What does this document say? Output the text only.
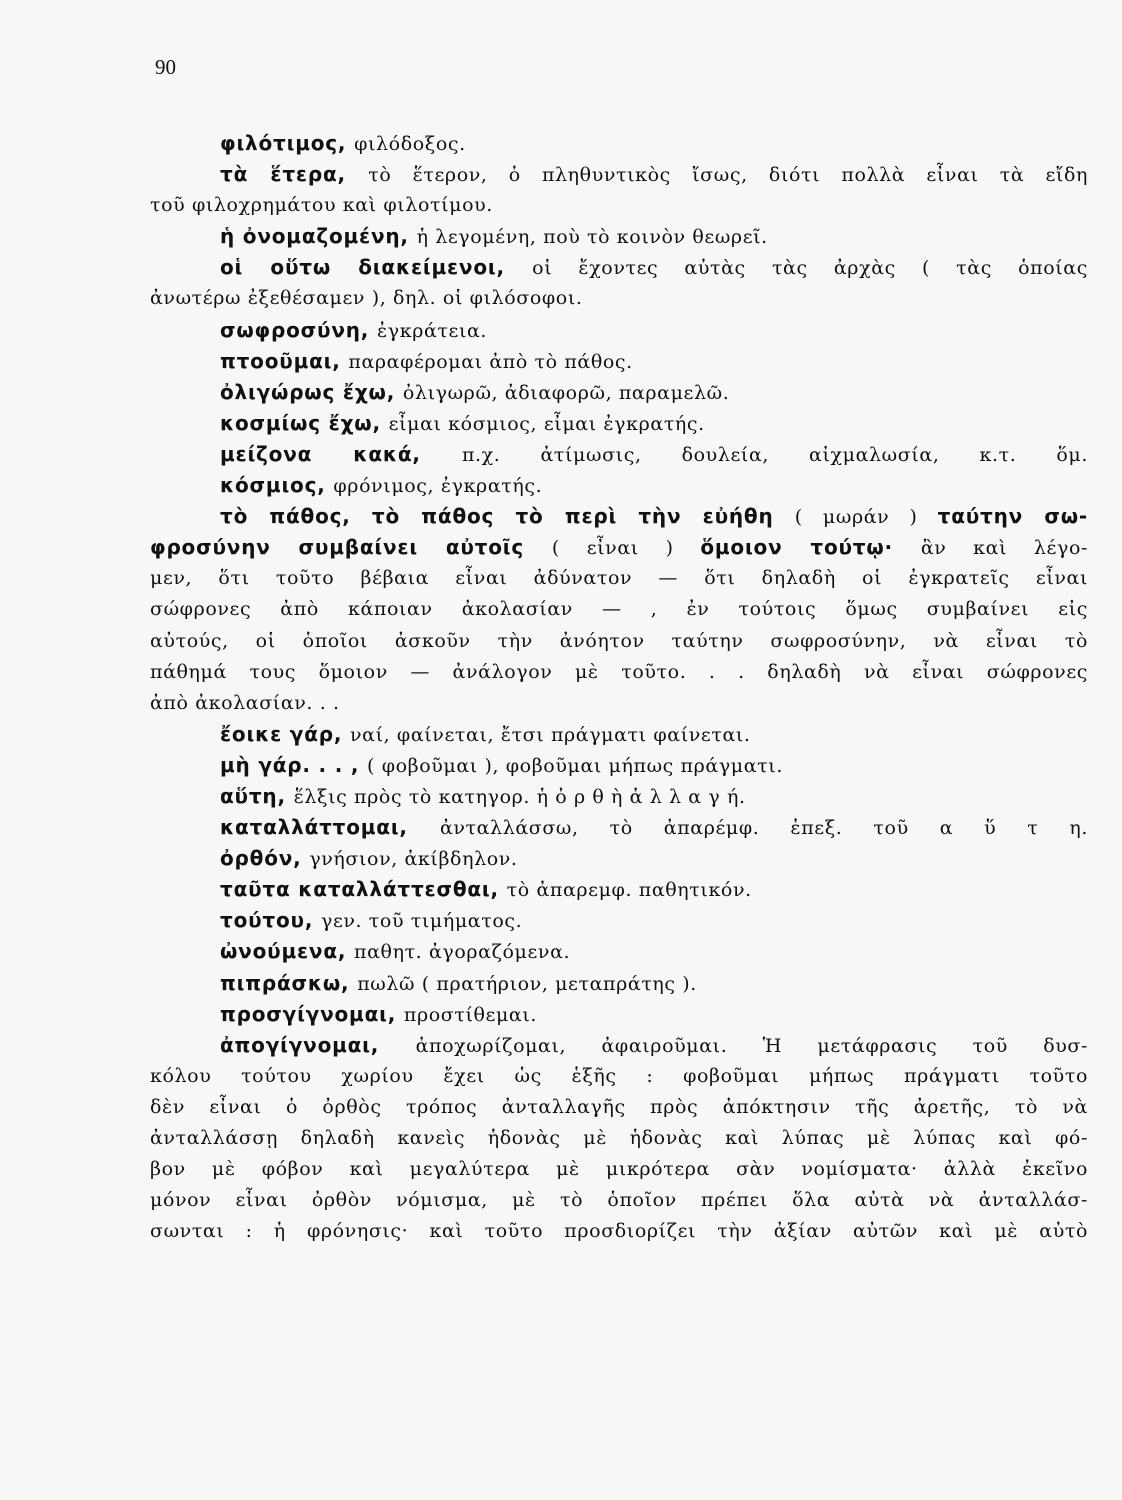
90
φιλότιμος, φιλόδοξος.
τὰ ἕτερα, τὸ ἕτερον, ὁ πληθυντικὸς ἴσως, διότι πολλὰ εἶναι τὰ εἴδη
τοῦ φιλοχρημάτου καὶ φιλοτίμου.
ἡ ὀνομαζομένη, ἡ λεγομένη, ποὺ τὸ κοινὸν θεωρεῖ.
οἱ οὕτω διακείμενοι, οἱ ἔχοντες αὐτὰς τὰς ἀρχὰς ( τὰς ὁποίας
ἀνωτέρω ἐξεθέσαμεν ), δηλ. οἱ φιλόσοφοι.
σωφροσύνη, ἐγκράτεια.
πτοοῦμαι, παραφέρομαι ἀπὸ τὸ πάθος.
ὀλιγώρως ἔχω, ὀλιγωρῶ, ἀδιαφορῶ, παραμελῶ.
κοσμίως ἔχω, εἶμαι κόσμιος, εἶμαι ἐγκρατής.
μείζονα κακά, π.χ. ἀτίμωσις, δουλεία, αἰχμαλωσία, κ.τ. ὅμ.
κόσμιος, φρόνιμος, ἐγκρατής.
τὸ πάθος, τὸ πάθος τὸ περὶ τὴν εὐήθη ( μωράν ) ταύτην σω-
φροσύνην συμβαίνει αὐτοῖς ( εἶναι ) ὅμοιον τούτῳ· ἂν καὶ λέγο-
μεν, ὅτι τοῦτο βέβαια εἶναι ἀδύνατον — ὅτι δηλαδὴ οἱ ἐγκρατεῖς εἶναι
σώφρονες ἀπὸ κάποιαν ἀκολασίαν — , ἐν τούτοις ὅμως συμβαίνει εἰς
αὐτούς, οἱ ὁποῖοι ἀσκοῦν τὴν ἀνόητον ταύτην σωφροσύνην, νὰ εἶναι τὸ
πάθημά τους ὅμοιον — ἀνάλογον μὲ τοῦτο. . . δηλαδὴ νὰ εἶναι σώφρονες
ἀπὸ ἀκολασίαν. . .
ἔοικε γάρ, ναί, φαίνεται, ἔτσι πράγματι φαίνεται.
μὴ γάρ. . . , ( φοβοῦμαι ), φοβοῦμαι μήπως πράγματι.
αὕτη, ἕλξις πρὸς τὸ κατηγορ. ἡ ὀ ρ θ ὴ ἀ λ λ α γ ή.
καταλλάττομαι, ἀνταλλάσσω, τὸ ἀπαρέμφ. ἐπεξ. τοῦ α ὕ τ η.
ὀρθόν, γνήσιον, ἀκίβδηλον.
ταῦτα καταλλάττεσθαι, τὸ ἀπαρεμφ. παθητικόν.
τούτου, γεν. τοῦ τιμήματος.
ὠνούμενα, παθητ. ἀγοραζόμενα.
πιπράσκω, πωλῶ ( πρατήριον, μεταπράτης ).
προσγίγνομαι, προστίθεμαι.
ἀπογίγνομαι, ἀποχωρίζομαι, ἀφαιροῦμαι. Ἡ μετάφρασις τοῦ δυσ-
κόλου τούτου χωρίου ἔχει ὡς ἑξῆς : φοβοῦμαι μήπως πράγματι τοῦτο
δὲν εἶναι ὁ ὀρθὸς τρόπος ἀνταλλαγῆς πρὸς ἀπόκτησιν τῆς ἀρετῆς, τὸ νὰ
ἀνταλλάσσῃ δηλαδὴ κανεὶς ἡδονὰς μὲ ἡδονὰς καὶ λύπας μὲ λύπας καὶ φό-
βον μὲ φόβον καὶ μεγαλύτερα μὲ μικρότερα σὰν νομίσματα· ἀλλὰ ἐκεῖνο
μόνον εἶναι ὀρθὸν νόμισμα, μὲ τὸ ὁποῖον πρέπει ὅλα αὐτὰ νὰ ἀνταλλάσ-
σωνται : ἡ φρόνησις· καὶ τοῦτο προσδιορίζει τὴν ἀξίαν αὐτῶν καὶ μὲ αὐτὸ
